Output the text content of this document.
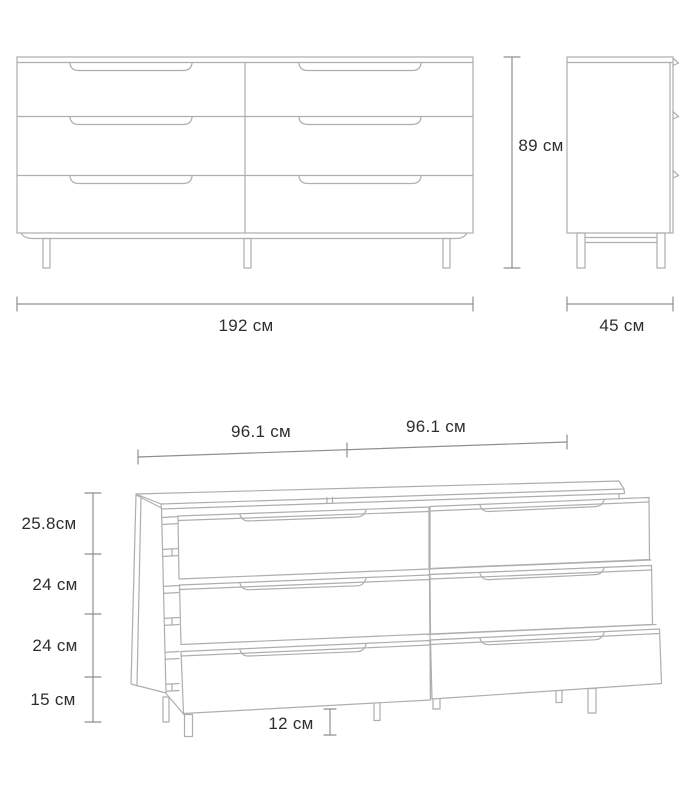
89 см
192 см	45 см
96.1 см	96.1 см
25.8см
24 см
24 см
15 см
12 см
